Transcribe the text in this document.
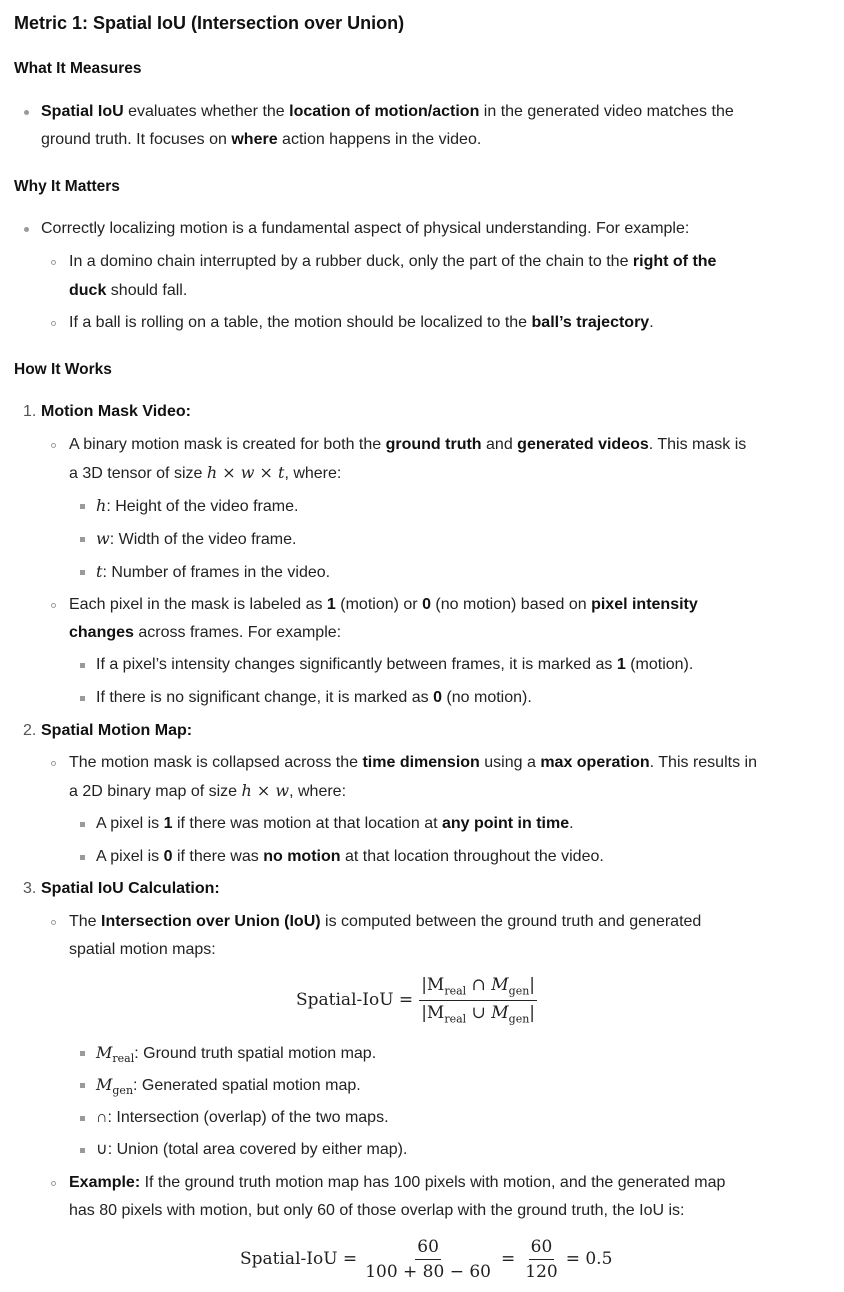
Metric 1: Spatial IoU (Intersection over Union)
What It Measures
Spatial IoU evaluates whether the location of motion/action in the generated video matches the
ground truth. It focuses on where action happens in the video.
Why It Matters
Correctly localizing motion is a fundamental aspect of physical understanding. For example:
In a domino chain interrupted by a rubber duck, only the part of the chain to the right of the
duck should fall.
If a ball is rolling on a table, the motion should be localized to the ball’s trajectory.
How It Works
1. Motion Mask Video:
A binary motion mask is created for both the ground truth and generated videos. This mask is
a 3D tensor of size h × w × t, where:
h: Height of the video frame.
w: Width of the video frame.
t: Number of frames in the video.
Each pixel in the mask is labeled as 1 (motion) or 0 (no motion) based on pixel intensity
changes across frames. For example:
If a pixel’s intensity changes significantly between frames, it is marked as 1 (motion).
If there is no significant change, it is marked as 0 (no motion).
2. Spatial Motion Map:
The motion mask is collapsed across the time dimension using a max operation. This results in
a 2D binary map of size h × w, where:
A pixel is 1 if there was motion at that location at any point in time.
A pixel is 0 if there was no motion at that location throughout the video.
3. Spatial IoU Calculation:
The Intersection over Union (IoU) is computed between the ground truth and generated
spatial motion maps:
Spatial-IoU = $\frac{|M_{real} \cap M_{gen}|}{|M_{real} \cup M_{gen}|}$
$M_{real}$: Ground truth spatial motion map.
$M_{gen}$: Generated spatial motion map.
∩: Intersection (overlap) of the two maps.
∪: Union (total area covered by either map).
Example: If the ground truth motion map has 100 pixels with motion, and the generated map
has 80 pixels with motion, but only 60 of those overlap with the ground truth, the IoU is:
Spatial-IoU = $\frac{60}{100 + 80 - 60} = \frac{60}{120} = 0.5$
